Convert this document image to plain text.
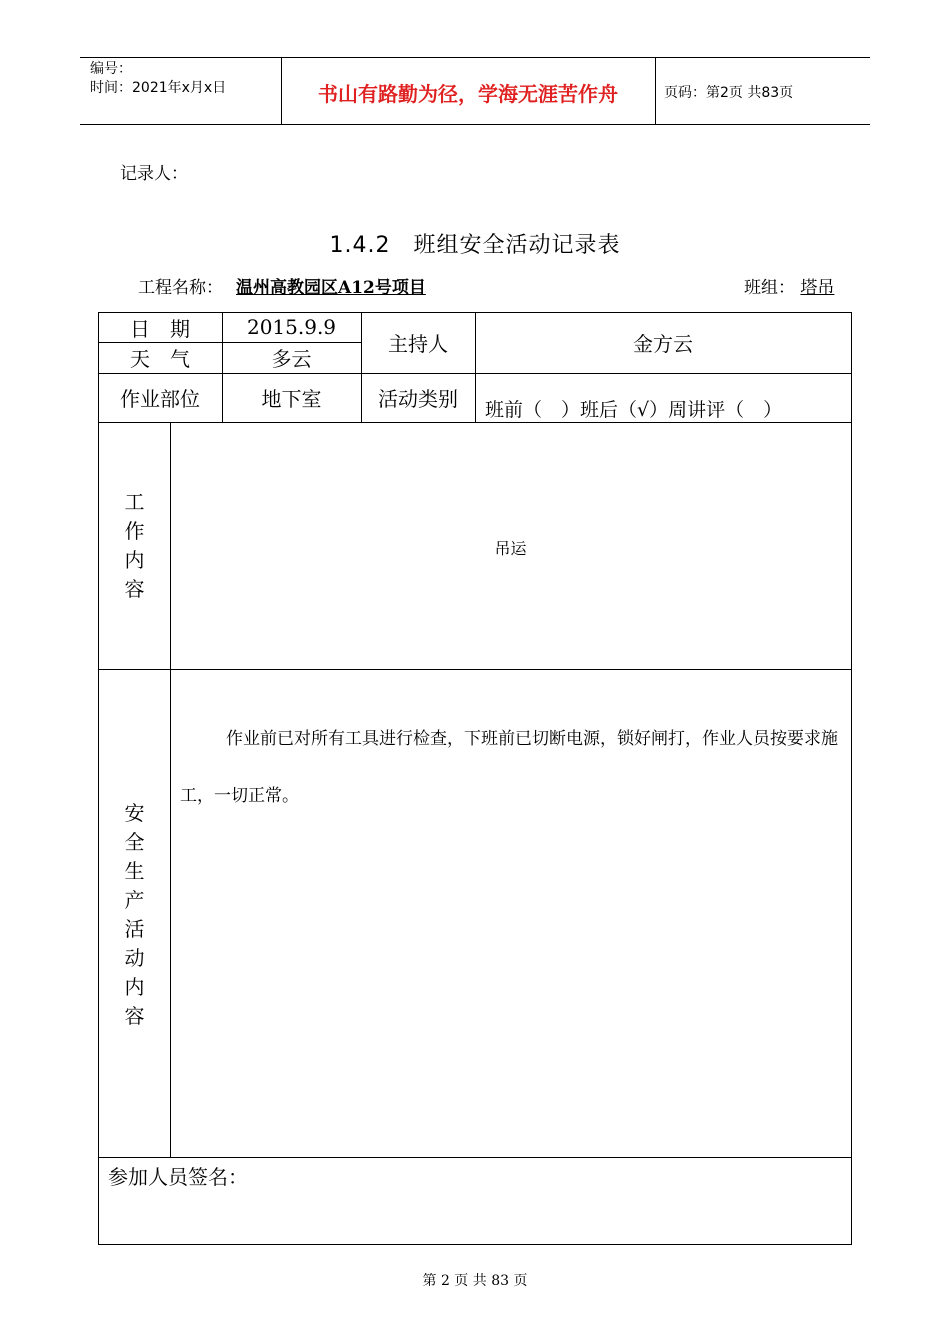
编号：
时间：2021年x月x日	书山有路勤为径，学海无涯苦作舟	页码：第2页 共83页
记录人：
1.4.2　班组安全活动记录表
工程名称： 温州高教园区A12号项目	班组： 塔吊
日　期	2015.9.9
天　气	多云
主持人	金方云
作业部位	地下室	活动类别	班前（　）班后（√）周讲评（　）
工
作
内
容
吊运
安
全
生
产
活
动
内
容
作业前已对所有工具进行检查，下班前已切断电源，锁好闸打，作业人员按要求施工，一切正常。
参加人员签名：
第 2 页 共 83 页
